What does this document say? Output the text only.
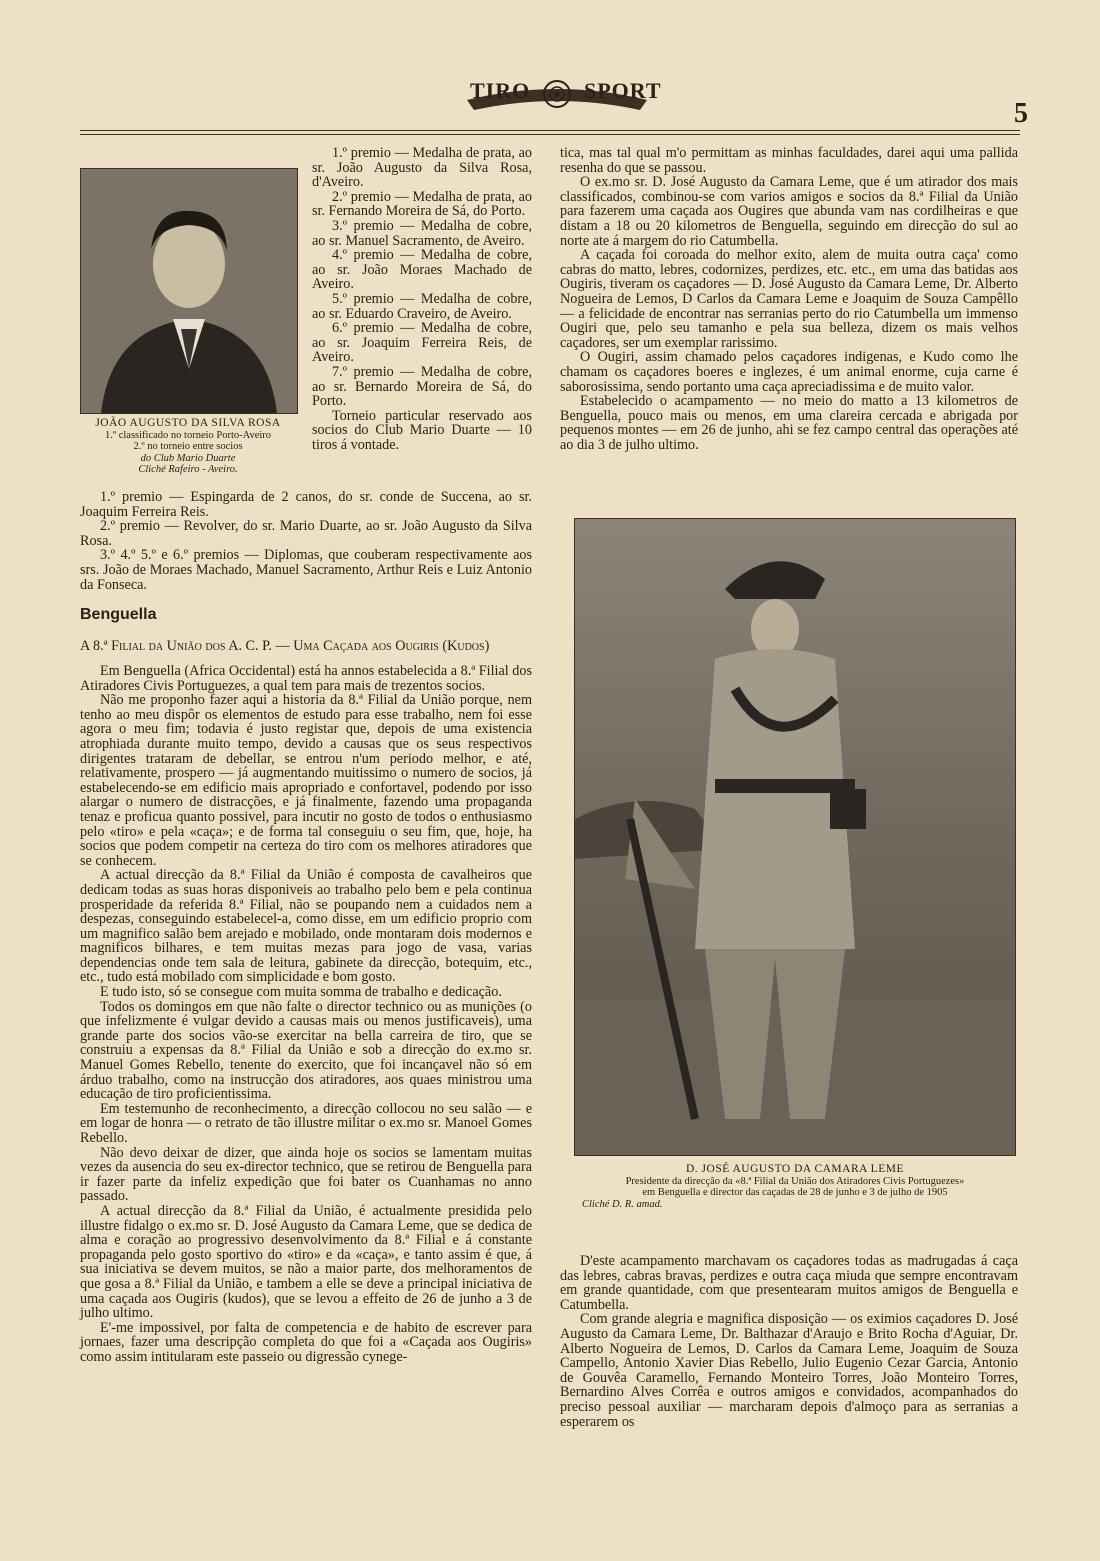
TIRO SPORT
5
JOÃO AUGUSTO DA SILVA ROSA
1.º classificado no torneio Porto-Aveiro
2.º no torneio entre socios
do Club Mario Duarte
Cliché Rafeiro - Aveiro.

1.º premio — Medalha de prata, ao sr. João Augusto da Silva Rosa, d'Aveiro.

2.º premio — Medalha de prata, ao sr. Fernando Moreira de Sá, do Porto.

3.º premio — Medalha de cobre, ao sr. Manuel Sacramento, de Aveiro.

4.º premio — Medalha de cobre, ao sr. João Moraes Machado de Aveiro.

5.º premio — Medalha de cobre, ao sr. Eduardo Craveiro, de Aveiro.

6.º premio — Medalha de cobre, ao sr. Joaquim Ferreira Reis, de Aveiro.

7.º premio — Medalha de cobre, ao sr. Bernardo Moreira de Sá, do Porto.

Torneio particular reservado aos socios do Club Mario Duarte — 10 tiros á vontade.

1.º premio — Espingarda de 2 canos, do sr. conde de Succena, ao sr. Joaquim Ferreira Reis.

2.º premio — Revolver, do sr. Mario Duarte, ao sr. João Augusto da Silva Rosa.

3.º 4.º 5.º e 6.º premios — Diplomas, que couberam respectivamente aos srs. João de Moraes Machado, Manuel Sacramento, Arthur Reis e Luiz Antonio da Fonseca.

Benguella
A 8.ª Filial da União dos A. C. P. — Uma Caçada aos Ougiris (Kudos)

Em Benguella (Africa Occidental) está ha annos estabelecida a 8.ª Filial dos Atiradores Civis Portuguezes, a qual tem para mais de trezentos socios.

Não me proponho fazer aqui a historia da 8.ª Filial da União porque, nem tenho ao meu dispôr os elementos de estudo para esse trabalho, nem foi esse agora o meu fim; todavia é justo registar que, depois de uma existencia atrophiada durante muito tempo, devido a causas que os seus respectivos dirigentes trataram de debellar, se entrou n'um periodo melhor, e até, relativamente, prospero — já augmentando muitissimo o numero de socios, já estabelecendo-se em edificio mais apropriado e confortavel, podendo por isso alargar o numero de distracções, e já finalmente, fazendo uma propaganda tenaz e proficua quanto possivel, para incutir no gosto de todos o enthusiasmo pelo «tiro» e pela «caça»; e de forma tal conseguiu o seu fim, que, hoje, ha socios que podem competir na certeza do tiro com os melhores atiradores que se conhecem.

A actual direcção da 8.ª Filial da União é composta de cavalheiros que dedicam todas as suas horas disponiveis ao trabalho pelo bem e pela continua prosperidade da referida 8.ª Filial, não se poupando nem a cuidados nem a despezas, conseguindo estabelecel-a, como disse, em um edificio proprio com um magnifico salão bem arejado e mobilado, onde montaram dois modernos e magnificos bilhares, e tem muitas mezas para jogo de vasa, varias dependencias onde tem sala de leitura, gabinete da direcção, botequim, etc., etc., tudo está mobilado com simplicidade e bom gosto.

E tudo isto, só se consegue com muita somma de trabalho e dedicação.

Todos os domingos em que não falte o director technico ou as munições (o que infelizmente é vulgar devido a causas mais ou menos justificaveis), uma grande parte dos socios vão-se exercitar na bella carreira de tiro, que se construiu a expensas da 8.ª Filial da União e sob a direcção do ex.mo sr. Manuel Gomes Rebello, tenente do exercito, que foi incançavel não só em árduo trabalho, como na instrucção dos atiradores, aos quaes ministrou uma educação de tiro proficientissima.

Em testemunho de reconhecimento, a direcção collocou no seu salão — e em logar de honra — o retrato de tão illustre militar o ex.mo sr. Manoel Gomes Rebello.

Não devo deixar de dizer, que ainda hoje os socios se lamentam muitas vezes da ausencia do seu ex-director technico, que se retirou de Benguella para ir fazer parte da infeliz expedição que foi bater os Cuanhamas no anno passado.

A actual direcção da 8.ª Filial da União, é actualmente presidida pelo illustre fidalgo o ex.mo sr. D. José Augusto da Camara Leme, que se dedica de alma e coração ao progressivo desenvolvimento da 8.ª Filial e á constante propaganda pelo gosto sportivo do «tiro» e da «caça», e tanto assim é que, á sua iniciativa se devem muitos, se não a maior parte, dos melhoramentos de que gosa a 8.ª Filial da União, e tambem a elle se deve a principal iniciativa de uma caçada aos Ougiris (kudos), que se levou a effeito de 26 de junho a 3 de julho ultimo.

E'-me impossivel, por falta de competencia e de habito de escrever para jornaes, fazer uma descripção completa do que foi a «Caçada aos Ougiris» como assim intitularam este passeio ou digressão cynege-

tica, mas tal qual m'o permittam as minhas faculdades, darei aqui uma pallida resenha do que se passou.

O ex.mo sr. D. José Augusto da Camara Leme, que é um atirador dos mais classificados, combinou-se com varios amigos e socios da 8.ª Filial da União para fazerem uma caçada aos Ougires que abunda vam nas cordilheiras e que distam a 18 ou 20 kilometros de Benguella, seguindo em direcção do sul ao norte ate á margem do rio Catumbella.

A caçada foi coroada do melhor exito, alem de muita outra caça' como cabras do matto, lebres, codornizes, perdizes, etc. etc., em uma das batidas aos Ougiris, tiveram os caçadores — D. José Augusto da Camara Leme, Dr. Alberto Nogueira de Lemos, D Carlos da Camara Leme e Joaquim de Souza Campêllo — a felicidade de encontrar nas serranias perto do rio Catumbella um immenso Ougiri que, pelo seu tamanho e pela sua belleza, dizem os mais velhos caçadores, ser um exemplar rarissimo.

O Ougiri, assim chamado pelos caçadores indigenas, e Kudo como lhe chamam os caçadores boeres e inglezes, é um animal enorme, cuja carne é saborosissima, sendo portanto uma caça apreciadissima e de muito valor.

Estabelecido o acampamento — no meio do matto a 13 kilometros de Benguella, pouco mais ou menos, em uma clareira cercada e abrigada por pequenos montes — em 26 de junho, ahi se fez campo central das operações até ao dia 3 de julho ultimo.

D. JOSÉ AUGUSTO DA CAMARA LEME
Presidente da direcção da «8.ª Filial da União dos Atiradores Civis Portuguezes»
em Benguella e director das caçadas de 28 de junho e 3 de julho de 1905
Cliché D. R. amad.

D'este acampamento marchavam os caçadores todas as madrugadas á caça das lebres, cabras bravas, perdizes e outra caça miuda que sempre encontravam em grande quantidade, com que presentearam muitos amigos de Benguella e Catumbella.

Com grande alegria e magnifica disposição — os eximios caçadores D. José Augusto da Camara Leme, Dr. Balthazar d'Araujo e Brito Rocha d'Aguiar, Dr. Alberto Nogueira de Lemos, D. Carlos da Camara Leme, Joaquim de Souza Campello, Antonio Xavier Dias Rebello, Julio Eugenio Cezar Garcia, Antonio de Gouvêa Caramello, Fernando Monteiro Torres, João Monteiro Torres, Bernardino Alves Corrêa e outros amigos e convidados, acompanhados do preciso pessoal auxiliar — marcharam depois d'almoço para as serranias a esperarem os
